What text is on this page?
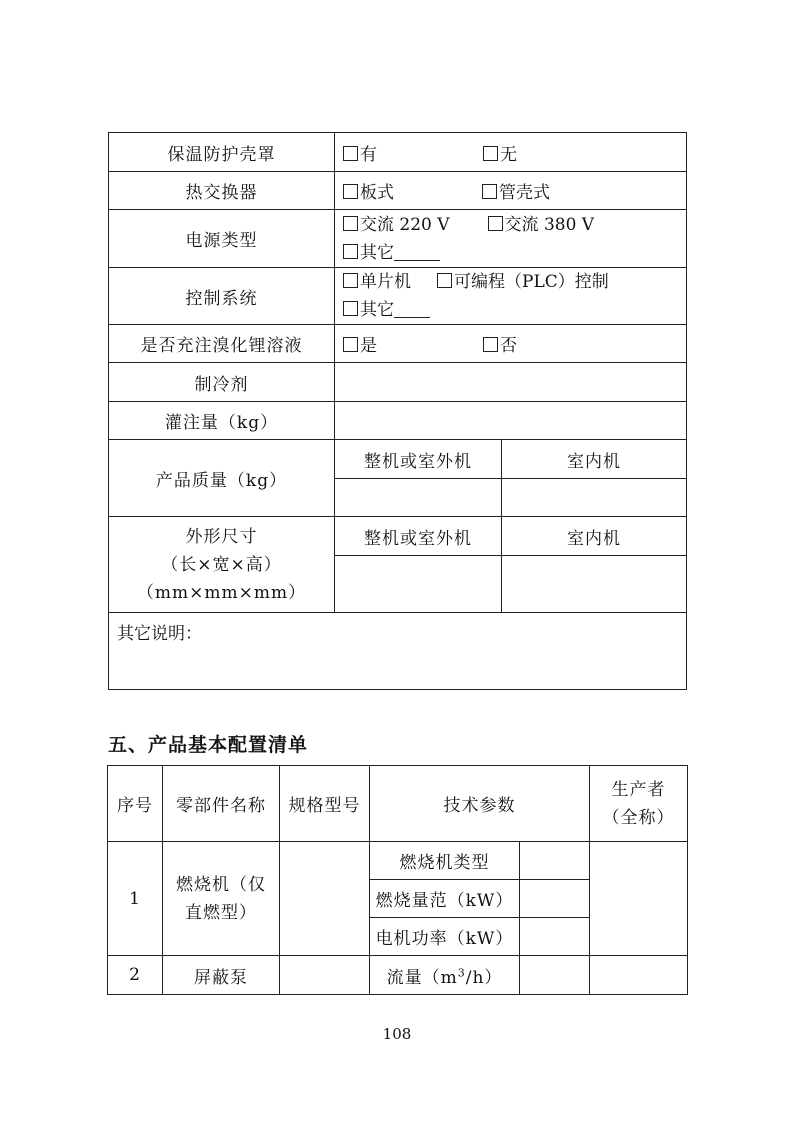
保温防护壳罩	有 无	
热交换器	板式 管壳式	
电源类型	交流 220 V 交流 380 V
其它	

控制系统	单片机 可编程（PLC）控制
其它	

是否充注溴化锂溶液	是 否	
制冷剂		
灌注量（kg）		
产品质量（kg）	整机或室外机	室内机

外形尺寸
（长×宽×高）
（mm×mm×mm）	整机或室外机	室内机

其它说明：		
五、产品基本配置清单
序号	零部件名称	规格型号	技术参数		生产者
（全称）

1	燃烧机（仅
直燃型）		燃烧机类型		
			燃烧量范（kW）		
			电机功率（kW）		
2	屏蔽泵		流量$(m^3/h)$		
108
